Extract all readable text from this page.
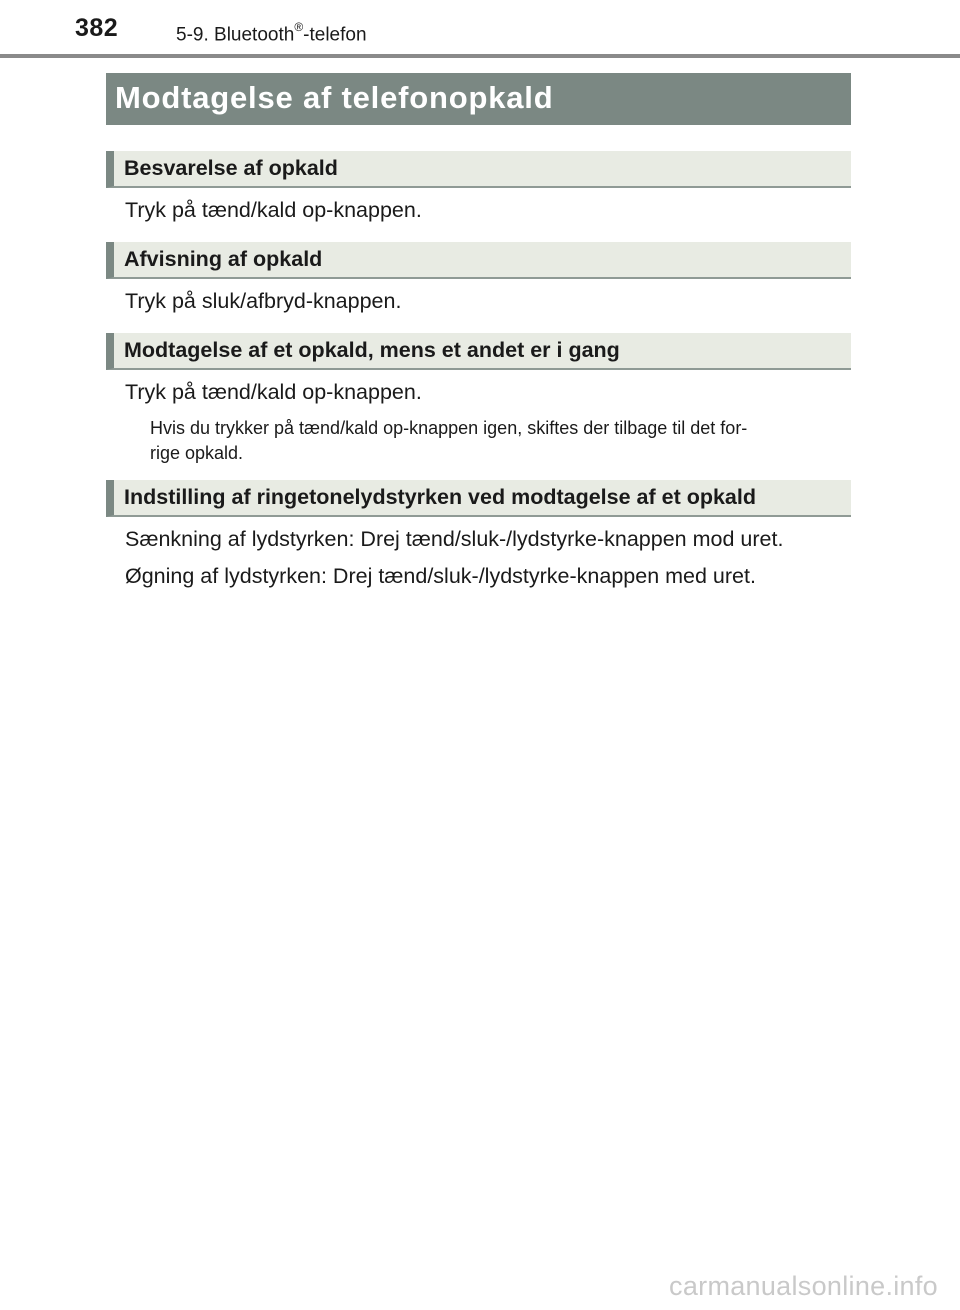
382	5-9. Bluetooth®-telefon
Modtagelse af telefonopkald
Besvarelse af opkald
Tryk på tænd/kald op-knappen.
Afvisning af opkald
Tryk på sluk/afbryd-knappen.
Modtagelse af et opkald, mens et andet er i gang
Tryk på tænd/kald op-knappen.
Hvis du trykker på tænd/kald op-knappen igen, skiftes der tilbage til det for-
rige opkald.
Indstilling af ringetonelydstyrken ved modtagelse af et opkald
Sænkning af lydstyrken: Drej tænd/sluk-/lydstyrke-knappen mod uret.
Øgning af lydstyrken: Drej tænd/sluk-/lydstyrke-knappen med uret.
carmanualsonline.info
